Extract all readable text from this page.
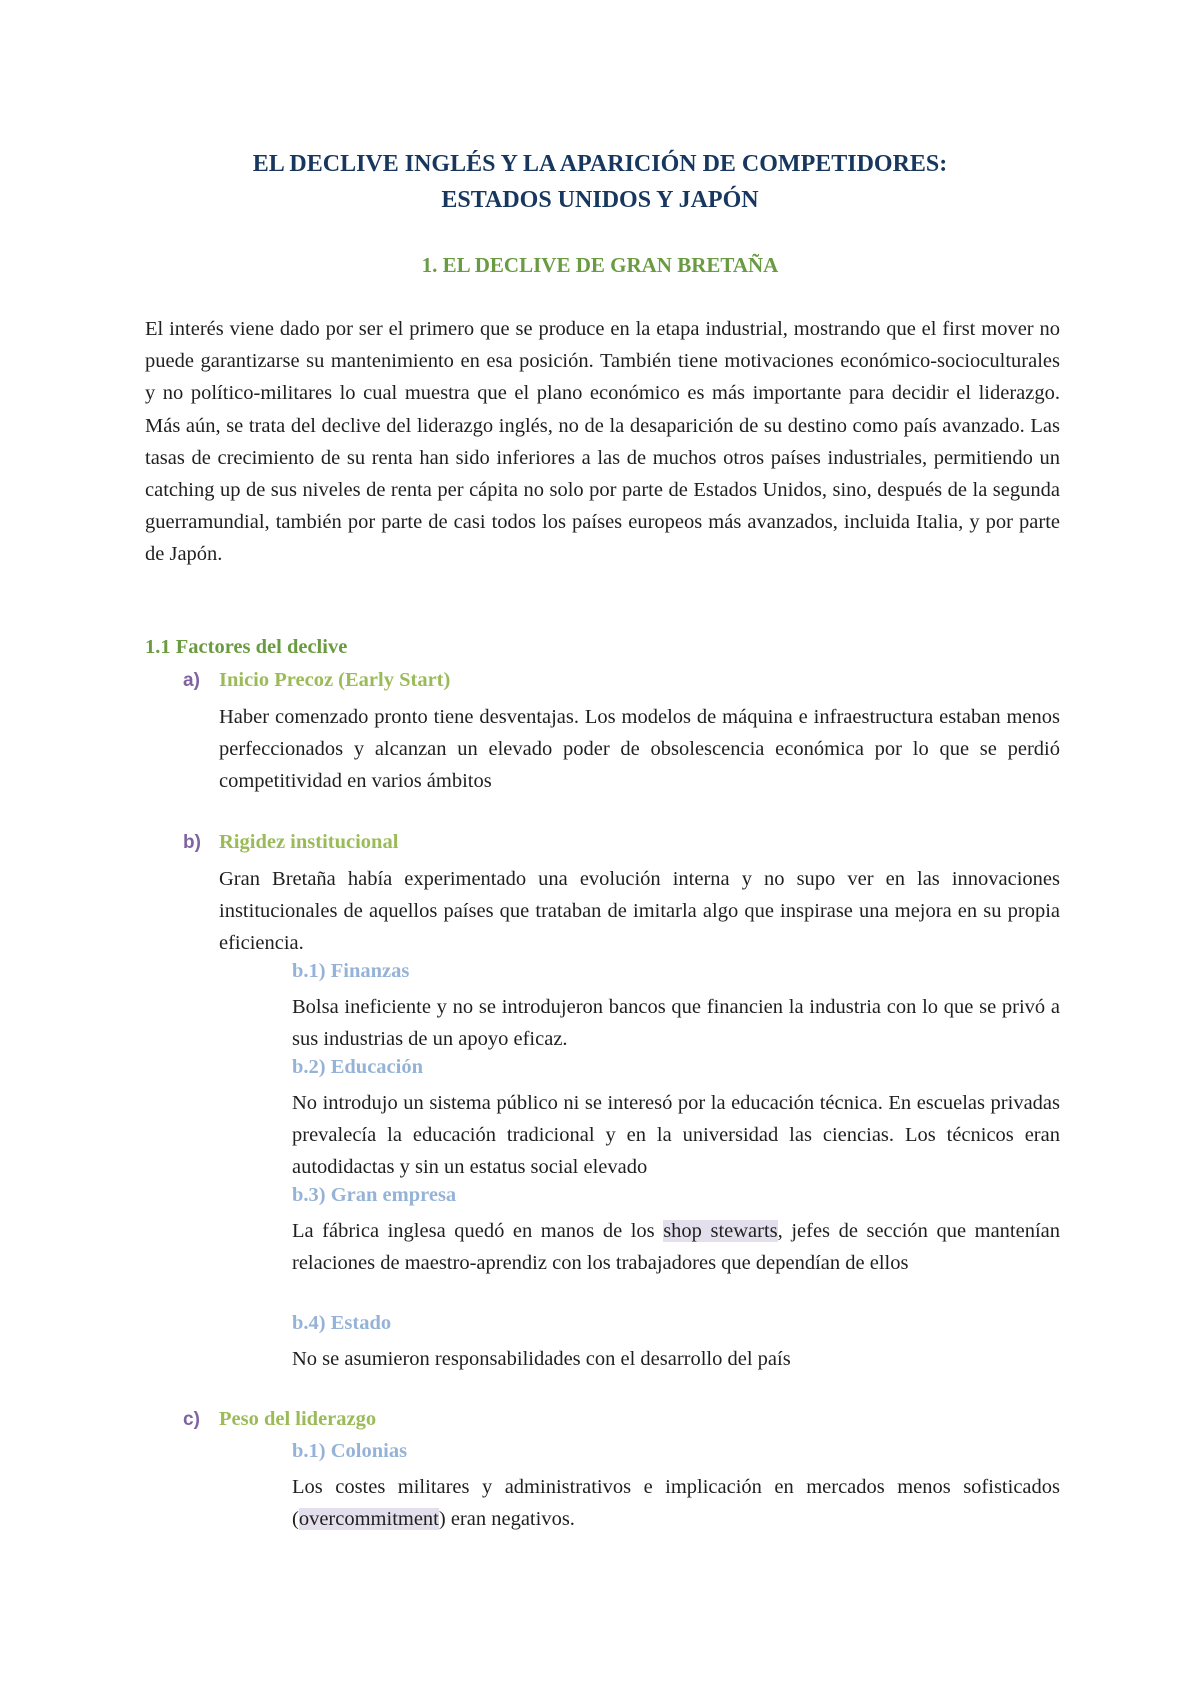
EL DECLIVE INGLÉS Y LA APARICIÓN DE COMPETIDORES:
ESTADOS UNIDOS Y JAPÓN
1. EL DECLIVE DE GRAN BRETAÑA

El interés viene dado por ser el primero que se produce en la etapa industrial, mostrando que el first mover no puede garantizarse su mantenimiento en esa posición. También tiene motivaciones económico-socioculturales y no político-militares lo cual muestra que el plano económico es más importante para decidir el liderazgo. Más aún, se trata del declive del liderazgo inglés, no de la desaparición de su destino como país avanzado. Las tasas de crecimiento de su renta han sido inferiores a las de muchos otros países industriales, permitiendo un catching up de sus niveles de renta per cápita no solo por parte de Estados Unidos, sino, después de la segunda guerramundial, también por parte de casi todos los países europeos más avanzados, incluida Italia, y por parte de Japón.

1.1 Factores del declive
a) Inicio Precoz (Early Start)

Haber comenzado pronto tiene desventajas. Los modelos de máquina e infraestructura estaban menos perfeccionados y alcanzan un elevado poder de obsolescencia económica por lo que se perdió competitividad en varios ámbitos

b) Rigidez institucional

Gran Bretaña había experimentado una evolución interna y no supo ver en las innovaciones institucionales de aquellos países que trataban de imitarla algo que inspirase una mejora en su propia eficiencia.

b.1) Finanzas

Bolsa ineficiente y no se introdujeron bancos que financien la industria con lo que se privó a sus industrias de un apoyo eficaz.

b.2) Educación

No introdujo un sistema público ni se interesó por la educación técnica. En escuelas privadas prevalecía la educación tradicional y en la universidad las ciencias. Los técnicos eran autodidactas y sin un estatus social elevado

b.3) Gran empresa

La fábrica inglesa quedó en manos de los shop stewarts, jefes de sección que mantenían relaciones de maestro-aprendiz con los trabajadores que dependían de ellos

b.4) Estado

No se asumieron responsabilidades con el desarrollo del país

c) Peso del liderazgo
b.1) Colonias

Los costes militares y administrativos e implicación en mercados menos sofisticados (overcommitment) eran negativos.
